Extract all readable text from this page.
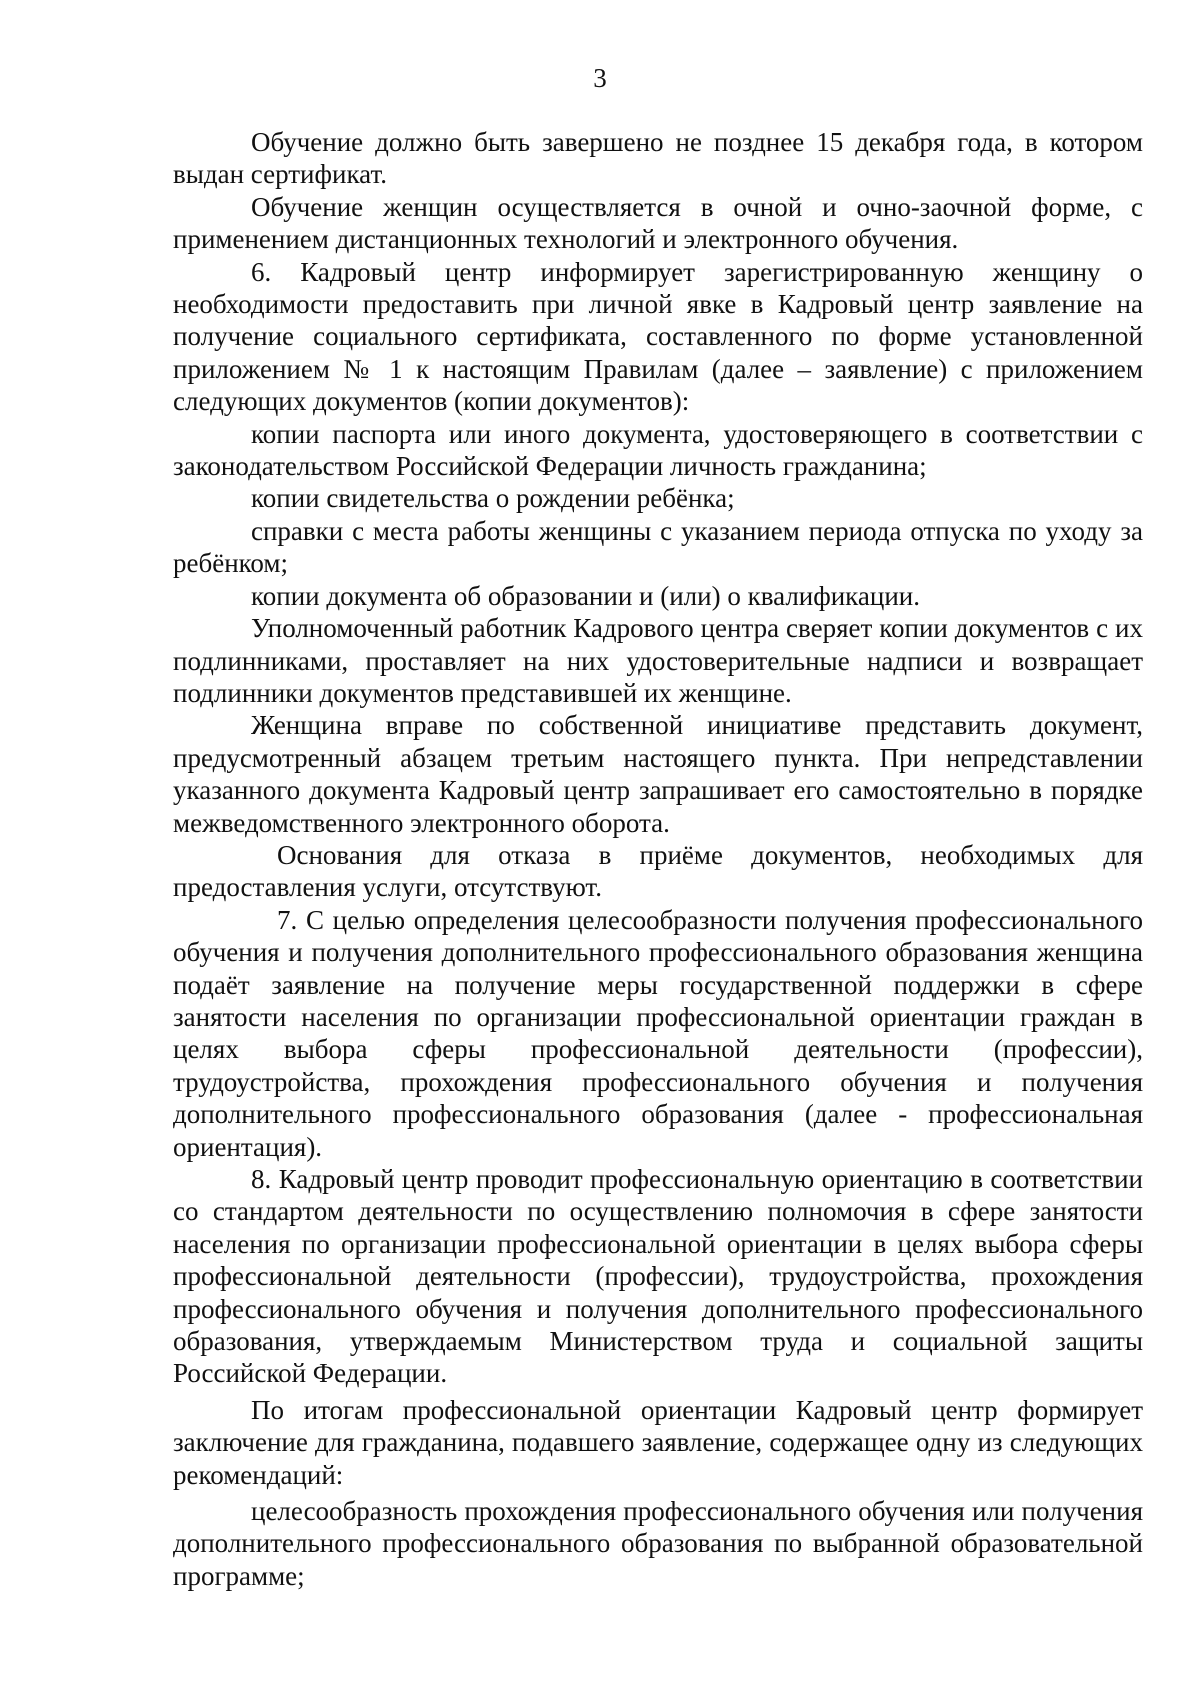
3

Обучение должно быть завершено не позднее 15 декабря года, в котором выдан сертификат.

Обучение женщин осуществляется в очной и очно-заочной форме, с применением дистанционных технологий и электронного обучения.

6. Кадровый центр информирует зарегистрированную женщину о необходимости предоставить при личной явке в Кадровый центр заявление на получение социального сертификата, составленного по форме установленной приложением № 1 к настоящим Правилам (далее – заявление) с приложением следующих документов (копии документов):

копии паспорта или иного документа, удостоверяющего в соответствии с законодательством Российской Федерации личность гражданина;

копии свидетельства о рождении ребёнка;

справки с места работы женщины с указанием периода отпуска по уходу за ребёнком;

копии документа об образовании и (или) о квалификации.

Уполномоченный работник Кадрового центра сверяет копии документов с их подлинниками, проставляет на них удостоверительные надписи и возвращает подлинники документов представившей их женщине.

Женщина вправе по собственной инициативе представить документ, предусмотренный абзацем третьим настоящего пункта. При непредставлении указанного документа Кадровый центр запрашивает его самостоятельно в порядке межведомственного электронного оборота.

Основания для отказа в приёме документов, необходимых для предоставления услуги, отсутствуют.

7. С целью определения целесообразности получения профессионального обучения и получения дополнительного профессионального образования женщина подаёт заявление на получение меры государственной поддержки в сфере занятости населения по организации профессиональной ориентации граждан в целях выбора сферы профессиональной деятельности (профессии), трудоустройства, прохождения профессионального обучения и получения дополнительного профессионального образования (далее - профессиональная ориентация).

8. Кадровый центр проводит профессиональную ориентацию в соответствии со стандартом деятельности по осуществлению полномочия в сфере занятости населения по организации профессиональной ориентации в целях выбора сферы профессиональной деятельности (профессии), трудоустройства, прохождения профессионального обучения и получения дополнительного профессионального образования, утверждаемым Министерством труда и социальной защиты Российской Федерации.

По итогам профессиональной ориентации Кадровый центр формирует заключение для гражданина, подавшего заявление, содержащее одну из следующих рекомендаций:

целесообразность прохождения профессионального обучения или получения дополнительного профессионального образования по выбранной образовательной программе;
